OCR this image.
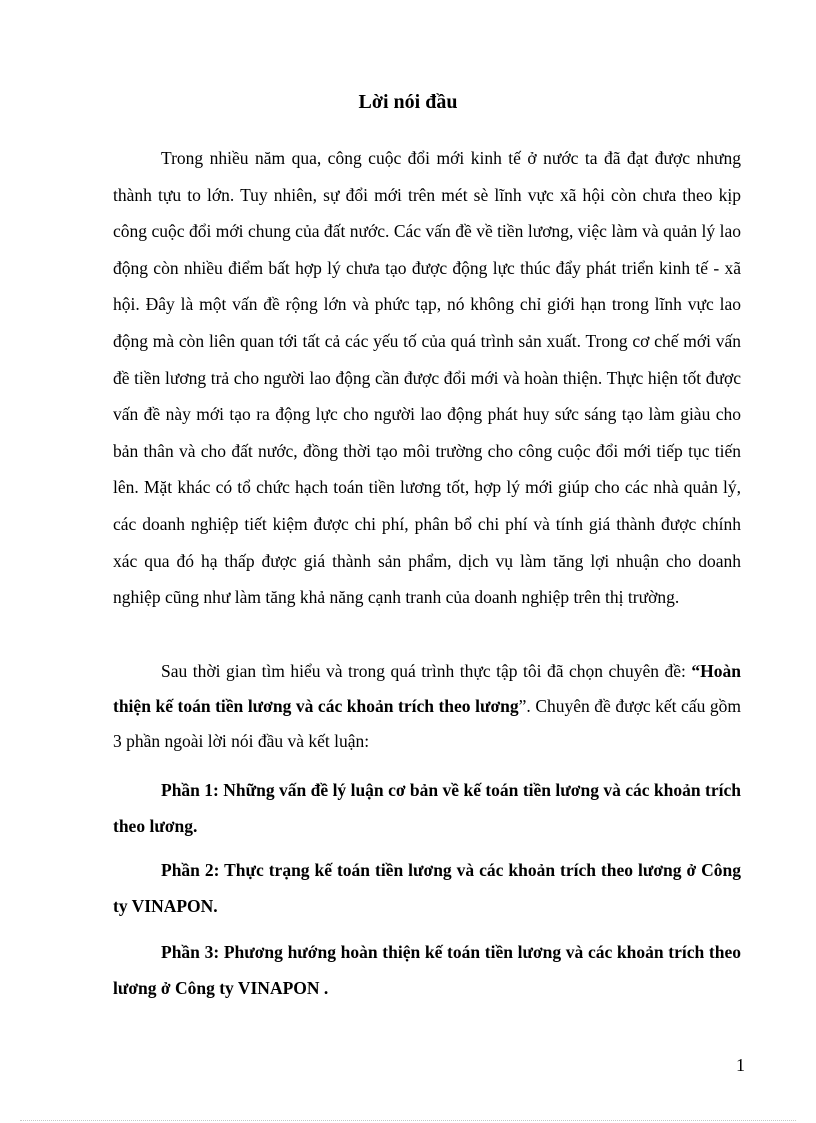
Lời nói đầu

Trong nhiều năm qua, công cuộc đổi mới kinh tế ở nước ta đã đạt được nhưng thành tựu to lớn. Tuy nhiên, sự đổi mới trên mét sè lĩnh vực xã hội còn chưa theo kịp công cuộc đổi mới chung của đất nước. Các vấn đề về tiền lương, việc làm và quản lý lao động còn nhiều điểm bất hợp lý chưa tạo được động lực thúc đẩy phát triển kinh tế - xã hội. Đây là một vấn đề rộng lớn và phức tạp, nó không chỉ giới hạn trong lĩnh vực lao động mà còn liên quan tới tất cả các yếu tố của quá trình sản xuất. Trong cơ chế mới vấn đề tiền lương trả cho người lao động cần được đổi mới và hoàn thiện. Thực hiện tốt được vấn đề này mới tạo ra động lực cho người lao động phát huy sức sáng tạo làm giàu cho bản thân và cho đất nước, đồng thời tạo môi trường cho công cuộc đổi mới tiếp tục tiến lên. Mặt khác có tổ chức hạch toán tiền lương tốt, hợp lý mới giúp cho các nhà quản lý, các doanh nghiệp tiết kiệm được chi phí, phân bổ chi phí và tính giá thành được chính xác qua đó hạ thấp được giá thành sản phẩm, dịch vụ làm tăng lợi nhuận cho doanh nghiệp cũng như làm tăng khả năng cạnh tranh của doanh nghiệp trên thị trường.

Sau thời gian tìm hiểu và trong quá trình thực tập tôi đã chọn chuyên đề: “Hoàn thiện kế toán tiền lương và các khoản trích theo lương”. Chuyên đề được kết cấu gồm 3 phần ngoài lời nói đầu và kết luận:

Phần 1: Những vấn đề lý luận cơ bản về kế toán tiền lương và các khoản trích theo lương.

Phần 2: Thực trạng kế toán tiền lương và các khoản trích theo lương ở Công ty VINAPON.

Phần 3: Phương hướng hoàn thiện kế toán tiền lương và các khoản trích theo lương ở Công ty VINAPON .

1
